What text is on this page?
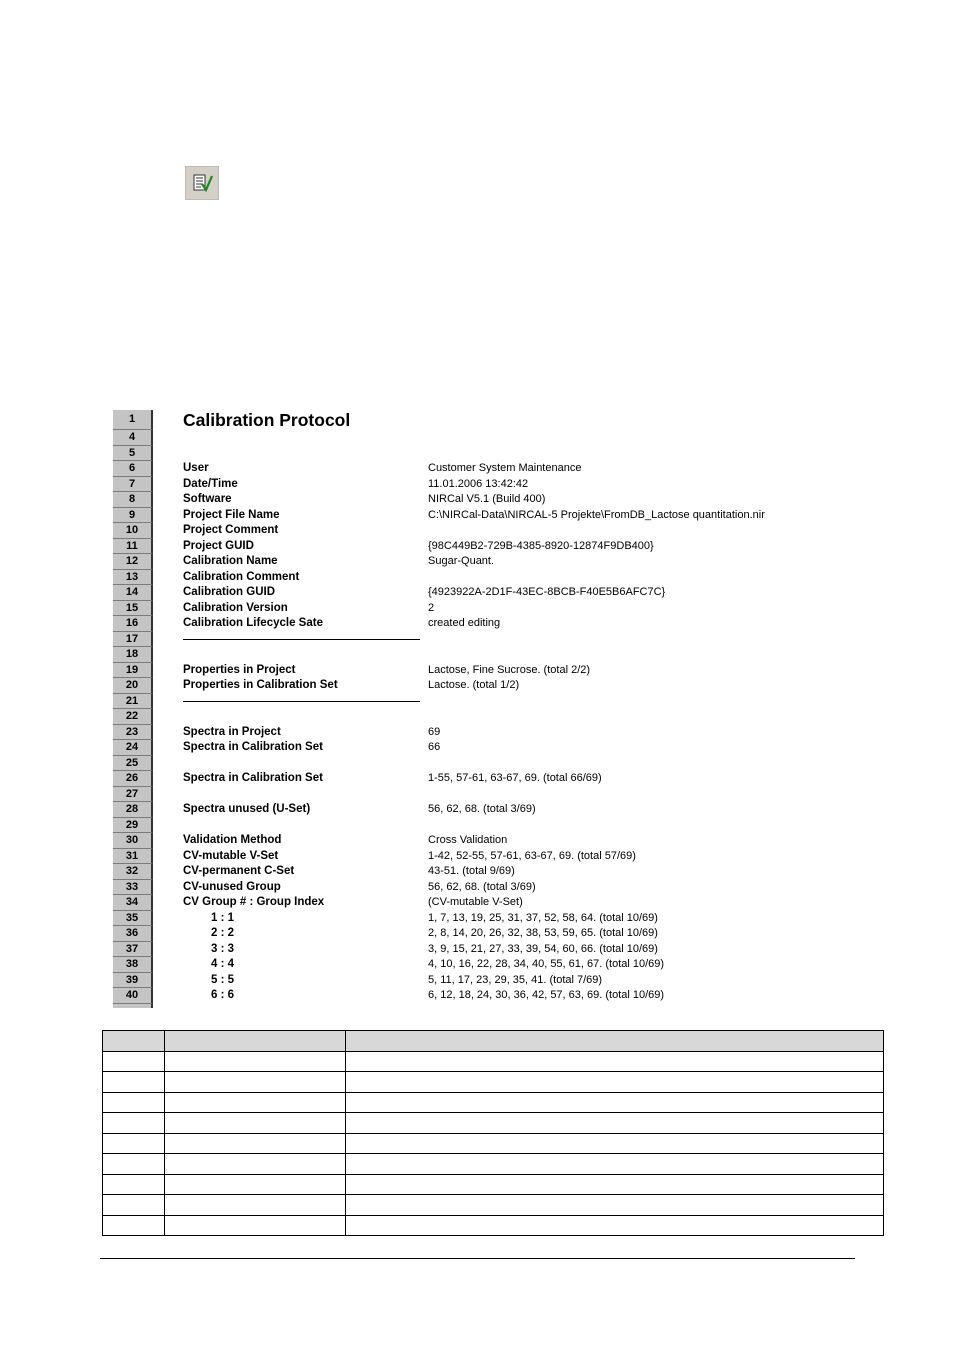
1	Calibration Protocol
4
5
6	User	Customer System Maintenance
7	Date/Time	11.01.2006 13:42:42
8	Software	NIRCal V5.1 (Build 400)
9	Project File Name	C:\NIRCal-Data\NIRCAL-5 Projekte\FromDB_Lactose quantitation.nir
10	Project Comment
11	Project GUID	{98C449B2-729B-4385-8920-12874F9DB400}
12	Calibration Name	Sugar-Quant.
13	Calibration Comment
14	Calibration GUID	{4923922A-2D1F-43EC-8BCB-F40E5B6AFC7C}
15	Calibration Version	2
16	Calibration Lifecycle Sate	created editing
17
18
19	Properties in Project	Lactose, Fine Sucrose. (total 2/2)
20	Properties in Calibration Set	Lactose. (total 1/2)
21
22
23	Spectra in Project	69
24	Spectra in Calibration Set	66
25
26	Spectra in Calibration Set	1-55, 57-61, 63-67, 69. (total 66/69)
27
28	Spectra unused (U-Set)	56, 62, 68. (total 3/69)
29
30	Validation Method	Cross Validation
31	CV-mutable V-Set	1-42, 52-55, 57-61, 63-67, 69. (total 57/69)
32	CV-permanent C-Set	43-51. (total 9/69)
33	CV-unused Group	56, 62, 68. (total 3/69)
34	CV Group # : Group Index	(CV-mutable V-Set)
35	1 : 1	1, 7, 13, 19, 25, 31, 37, 52, 58, 64. (total 10/69)
36	2 : 2	2, 8, 14, 20, 26, 32, 38, 53, 59, 65. (total 10/69)
37	3 : 3	3, 9, 15, 21, 27, 33, 39, 54, 60, 66. (total 10/69)
38	4 : 4	4, 10, 16, 22, 28, 34, 40, 55, 61, 67. (total 10/69)
39	5 : 5	5, 11, 17, 23, 29, 35, 41. (total 7/69)
40	6 : 6	6, 12, 18, 24, 30, 36, 42, 57, 63, 69. (total 10/69)
